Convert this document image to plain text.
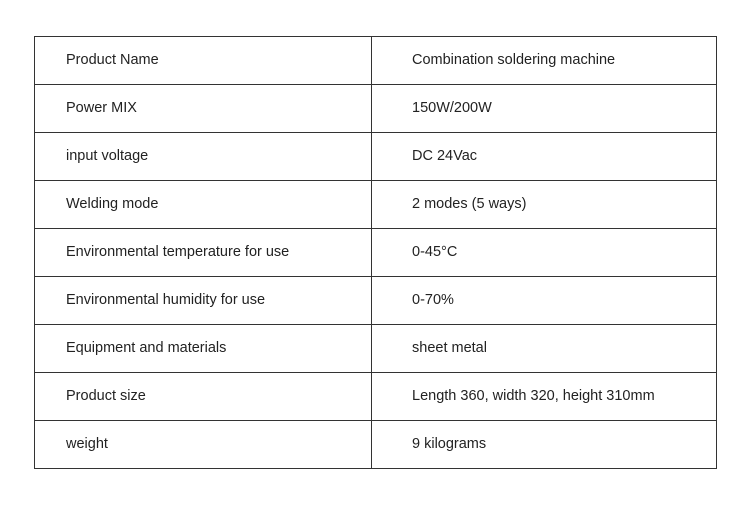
Product Name	Combination soldering machine
Power MIX	150W/200W
input voltage	DC 24Vac
Welding mode	2 modes (5 ways)
Environmental temperature for use	0-45°C
Environmental humidity for use	0-70%
Equipment and materials	sheet metal
Product size	Length 360, width 320, height 310mm
weight	9 kilograms
